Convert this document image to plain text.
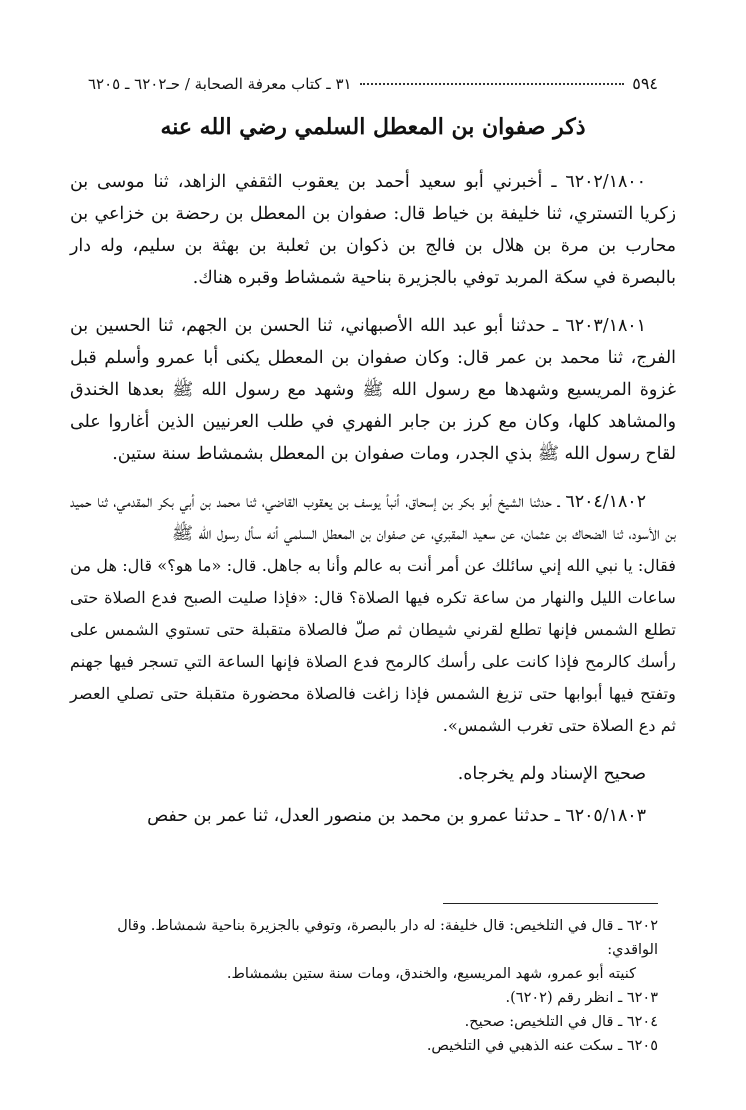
٥٩٤
٣١ ـ كتاب معرفة الصحابة / حـ٦٢٠٢ ـ ٦٢٠٥
ذكر صفوان بن المعطل السلمي رضي الله عنه

٦٢٠٢/١٨٠٠ ـ أخبرني أبو سعيد أحمد بن يعقوب الثقفي الزاهد، ثنا موسى بن زكريا التستري، ثنا خليفة بن خياط قال: صفوان بن المعطل بن رحضة بن خزاعي بن محارب بن مرة بن هلال بن فالج بن ذكوان بن ثعلبة بن بهثة بن سليم، وله دار بالبصرة في سكة المربد توفي بالجزيرة بناحية شمشاط وقبره هناك.

٦٢٠٣/١٨٠١ ـ حدثنا أبو عبد الله الأصبهاني، ثنا الحسن بن الجهم، ثنا الحسين بن الفرج، ثنا محمد بن عمر قال: وكان صفوان بن المعطل يكنى أبا عمرو وأسلم قبل غزوة المريسيع وشهدها مع رسول الله ﷺ وشهد مع رسول الله ﷺ بعدها الخندق والمشاهد كلها، وكان مع كرز بن جابر الفهري في طلب العرنيين الذين أغاروا على لقاح رسول الله ﷺ بذي الجدر، ومات صفوان بن المعطل بشمشاط سنة ستين.

٦٢٠٤/١٨٠٢ ـ حدثنا الشيخ أبو بكر بن إسحاق، أنبأ يوسف بن يعقوب القاضي، ثنا محمد بن أبي بكر المقدمي، ثنا حميد بن الأسود، ثنا الضحاك بن عثمان، عن سعيد المقبري، عن صفوان بن المعطل السلمي أنه سأل رسول الله ﷺ

فقال: يا نبي الله إني سائلك عن أمر أنت به عالم وأنا به جاهل. قال: «ما هو؟» قال: هل من ساعات الليل والنهار من ساعة تكره فيها الصلاة؟ قال: «فإذا صليت الصبح فدع الصلاة حتى تطلع الشمس فإنها تطلع لقرني شيطان ثم صلّ فالصلاة متقبلة حتى تستوي الشمس على رأسك كالرمح فإذا كانت على رأسك كالرمح فدع الصلاة فإنها الساعة التي تسجر فيها جهنم وتفتح فيها أبوابها حتى تزيغ الشمس فإذا زاغت فالصلاة محضورة متقبلة حتى تصلي العصر ثم دع الصلاة حتى تغرب الشمس».

صحيح الإسناد ولم يخرجاه.

٦٢٠٥/١٨٠٣ ـ حدثنا عمرو بن محمد بن منصور العدل، ثنا عمر بن حفص

٦٢٠٢ ـ قال في التلخيص: قال خليفة: له دار بالبصرة، وتوفي بالجزيرة بناحية شمشاط. وقال الواقدي:
كنيته أبو عمرو، شهد المريسيع، والخندق، ومات سنة ستين بشمشاط.
٦٢٠٣ ـ انظر رقم (٦٢٠٢).
٦٢٠٤ ـ قال في التلخيص: صحيح.
٦٢٠٥ ـ سكت عنه الذهبي في التلخيص.
